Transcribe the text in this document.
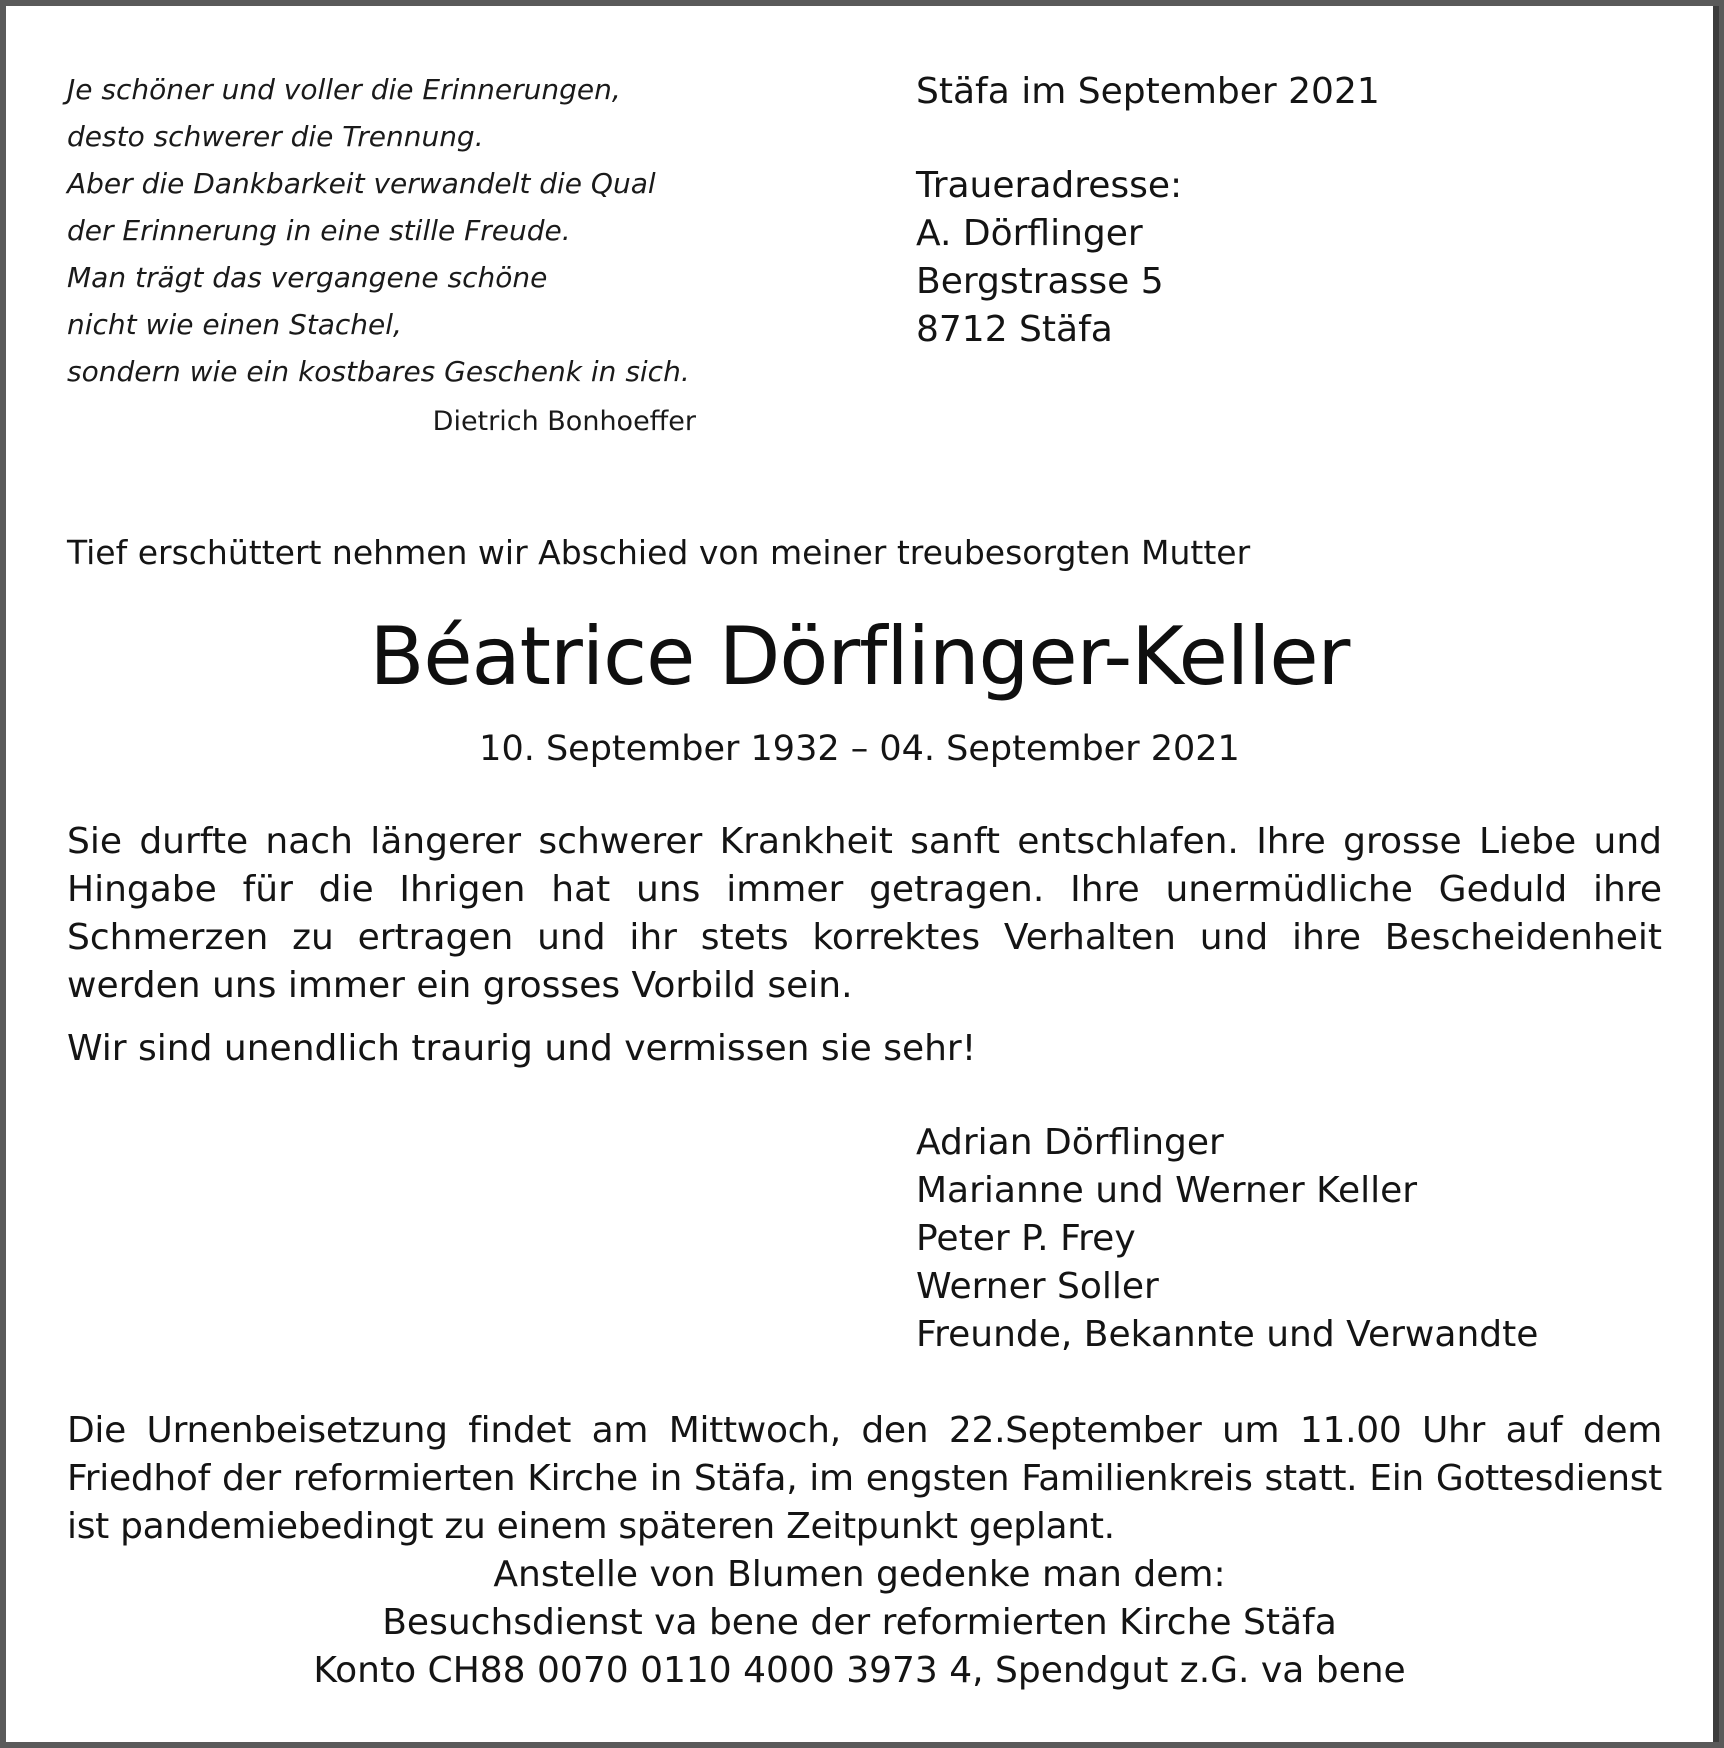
Je schöner und voller die Erinnerungen,
desto schwerer die Trennung.
Aber die Dankbarkeit verwandelt die Qual
der Erinnerung in eine stille Freude.
Man trägt das vergangene schöne
nicht wie einen Stachel,
sondern wie ein kostbares Geschenk in sich.
Dietrich Bonhoeffer
Stäfa im September 2021
Traueradresse:
A. Dörflinger
Bergstrasse 5
8712 Stäfa
Tief erschüttert nehmen wir Abschied von meiner treubesorgten Mutter
Béatrice Dörflinger-Keller
10. September 1932 – 04. September 2021
Sie durfte nach längerer schwerer Krankheit sanft entschlafen. Ihre grosse Liebe und Hingabe für die Ihrigen hat uns immer getragen. Ihre unermüdliche Geduld ihre Schmerzen zu ertragen und ihr stets korrektes Verhalten und ihre Bescheidenheit werden uns immer ein grosses Vorbild sein.
Wir sind unendlich traurig und vermissen sie sehr!
Adrian Dörflinger
Marianne und Werner Keller
Peter P. Frey
Werner Soller
Freunde, Bekannte und Verwandte
Die Urnenbeisetzung findet am Mittwoch, den 22.September um 11.00 Uhr auf dem Friedhof der reformierten Kirche in Stäfa, im engsten Familienkreis statt. Ein Gottesdienst ist pandemiebedingt zu einem späteren Zeitpunkt geplant.
Anstelle von Blumen gedenke man dem:
Besuchsdienst va bene der reformierten Kirche Stäfa
Konto CH88 0070 0110 4000 3973 4, Spendgut z.G. va bene
